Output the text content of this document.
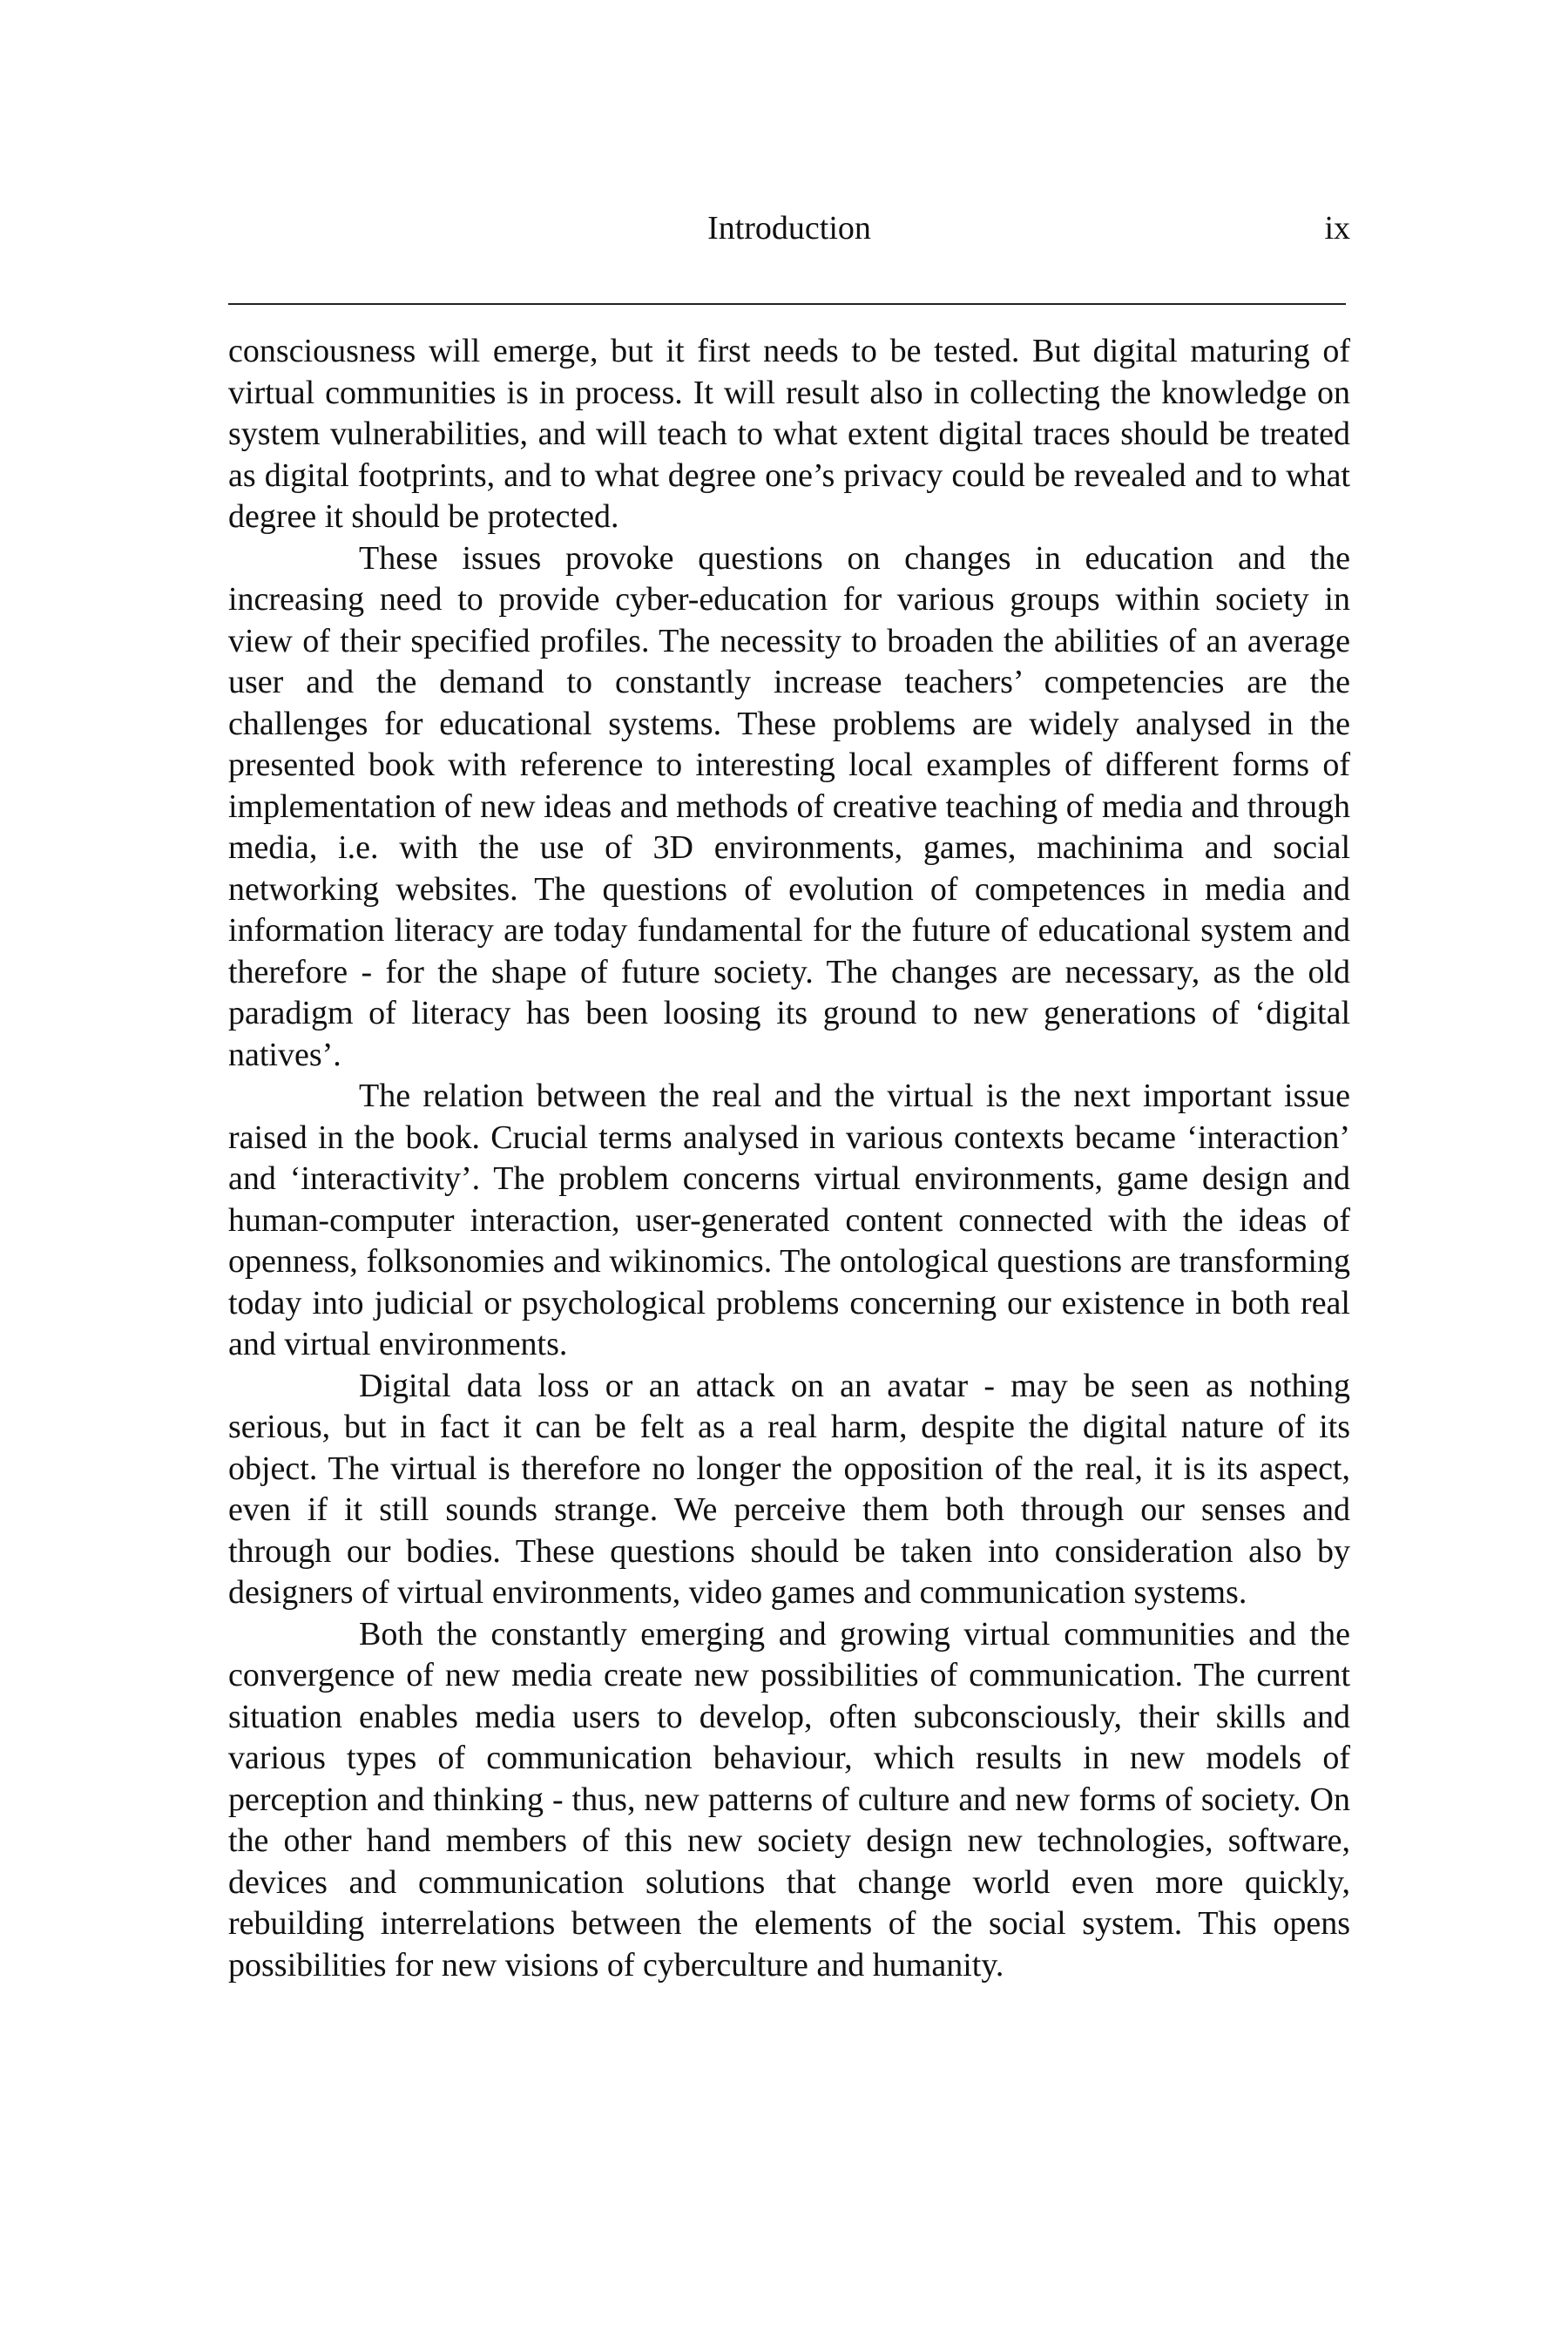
Introduction	ix

consciousness will emerge, but it first needs to be tested. But digital maturing of virtual communities is in process. It will result also in collecting the knowledge on system vulnerabilities, and will teach to what extent digital traces should be treated as digital footprints, and to what degree one’s privacy could be revealed and to what degree it should be protected.

These issues provoke questions on changes in education and the increasing need to provide cyber-education for various groups within society in view of their specified profiles. The necessity to broaden the abilities of an average user and the demand to constantly increase teachers’ competencies are the challenges for educational systems. These problems are widely analysed in the presented book with reference to interesting local examples of different forms of implementation of new ideas and methods of creative teaching of media and through media, i.e. with the use of 3D environments, games, machinima and social networking websites. The questions of evolution of competences in media and information literacy are today fundamental for the future of educational system and therefore - for the shape of future society. The changes are necessary, as the old paradigm of literacy has been loosing its ground to new generations of ‘digital natives’.

The relation between the real and the virtual is the next important issue raised in the book. Crucial terms analysed in various contexts became ‘interaction’ and ‘interactivity’. The problem concerns virtual environments, game design and human-computer interaction, user-generated content connected with the ideas of openness, folksonomies and wikinomics. The ontological questions are transforming today into judicial or psychological problems concerning our existence in both real and virtual environments.

Digital data loss or an attack on an avatar - may be seen as nothing serious, but in fact it can be felt as a real harm, despite the digital nature of its object. The virtual is therefore no longer the opposition of the real, it is its aspect, even if it still sounds strange. We perceive them both through our senses and through our bodies. These questions should be taken into consideration also by designers of virtual environments, video games and communication systems.

Both the constantly emerging and growing virtual communities and the convergence of new media create new possibilities of communication. The current situation enables media users to develop, often subconsciously, their skills and various types of communication behaviour, which results in new models of perception and thinking - thus, new patterns of culture and new forms of society. On the other hand members of this new society design new technologies, software, devices and communication solutions that change world even more quickly, rebuilding interrelations between the elements of the social system. This opens possibilities for new visions of cyberculture and humanity.
